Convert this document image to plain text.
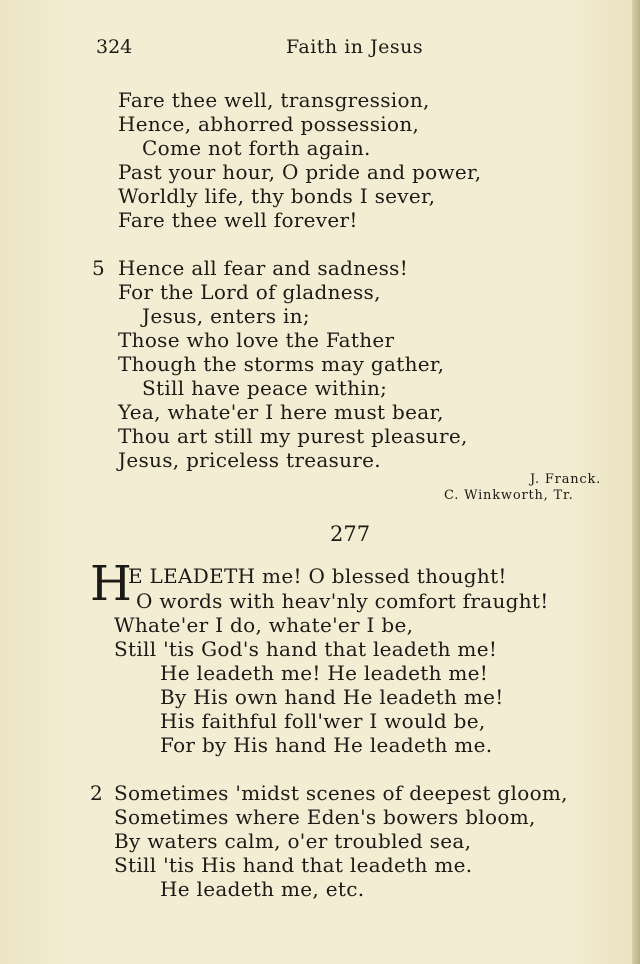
324	Faith in Jesus
Fare thee well, transgression,
Hence, abhorred possession,
Come not forth again.
Past your hour, O pride and power,
Worldly life, thy bonds I sever,
Fare thee well forever!
5 Hence all fear and sadness!
For the Lord of gladness,
Jesus, enters in;
Those who love the Father
Though the storms may gather,
Still have peace within;
Yea, whate'er I here must bear,
Thou art still my purest pleasure,
Jesus, priceless treasure.
J. Franck.
C. Winkworth, Tr.
277
H
E LEADETH me! O blessed thought!
O words with heav'nly comfort fraught!
Whate'er I do, whate'er I be,
Still 'tis God's hand that leadeth me!
He leadeth me! He leadeth me!
By His own hand He leadeth me!
His faithful foll'wer I would be,
For by His hand He leadeth me.
2 Sometimes 'midst scenes of deepest gloom,
Sometimes where Eden's bowers bloom,
By waters calm, o'er troubled sea,
Still 'tis His hand that leadeth me.
He leadeth me, etc.
